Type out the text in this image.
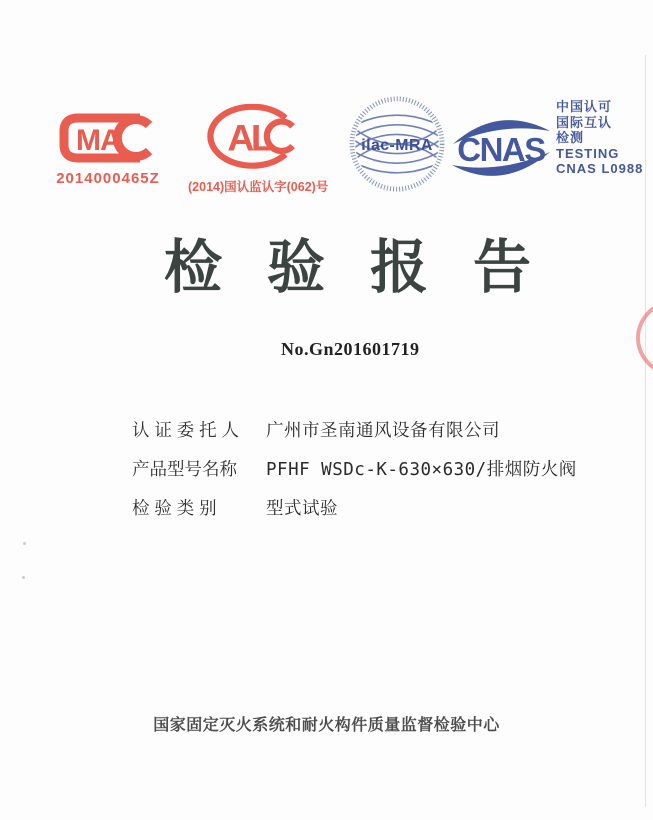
MA
2014000465Z
AL
(2014)国认监认字(062)号
ilac-MRA CNAS
中国认可
国际互认
检测
TESTING
CNAS L0988
检验报告
No.Gn201601719
认 证 委 托 人 广州市圣南通风设备有限公司
产品型号名称 PFHF WSDc-K-630×630/排烟防火阀
检 验 类 别	型式试验
国家固定灭火系统和耐火构件质量监督检验中心
